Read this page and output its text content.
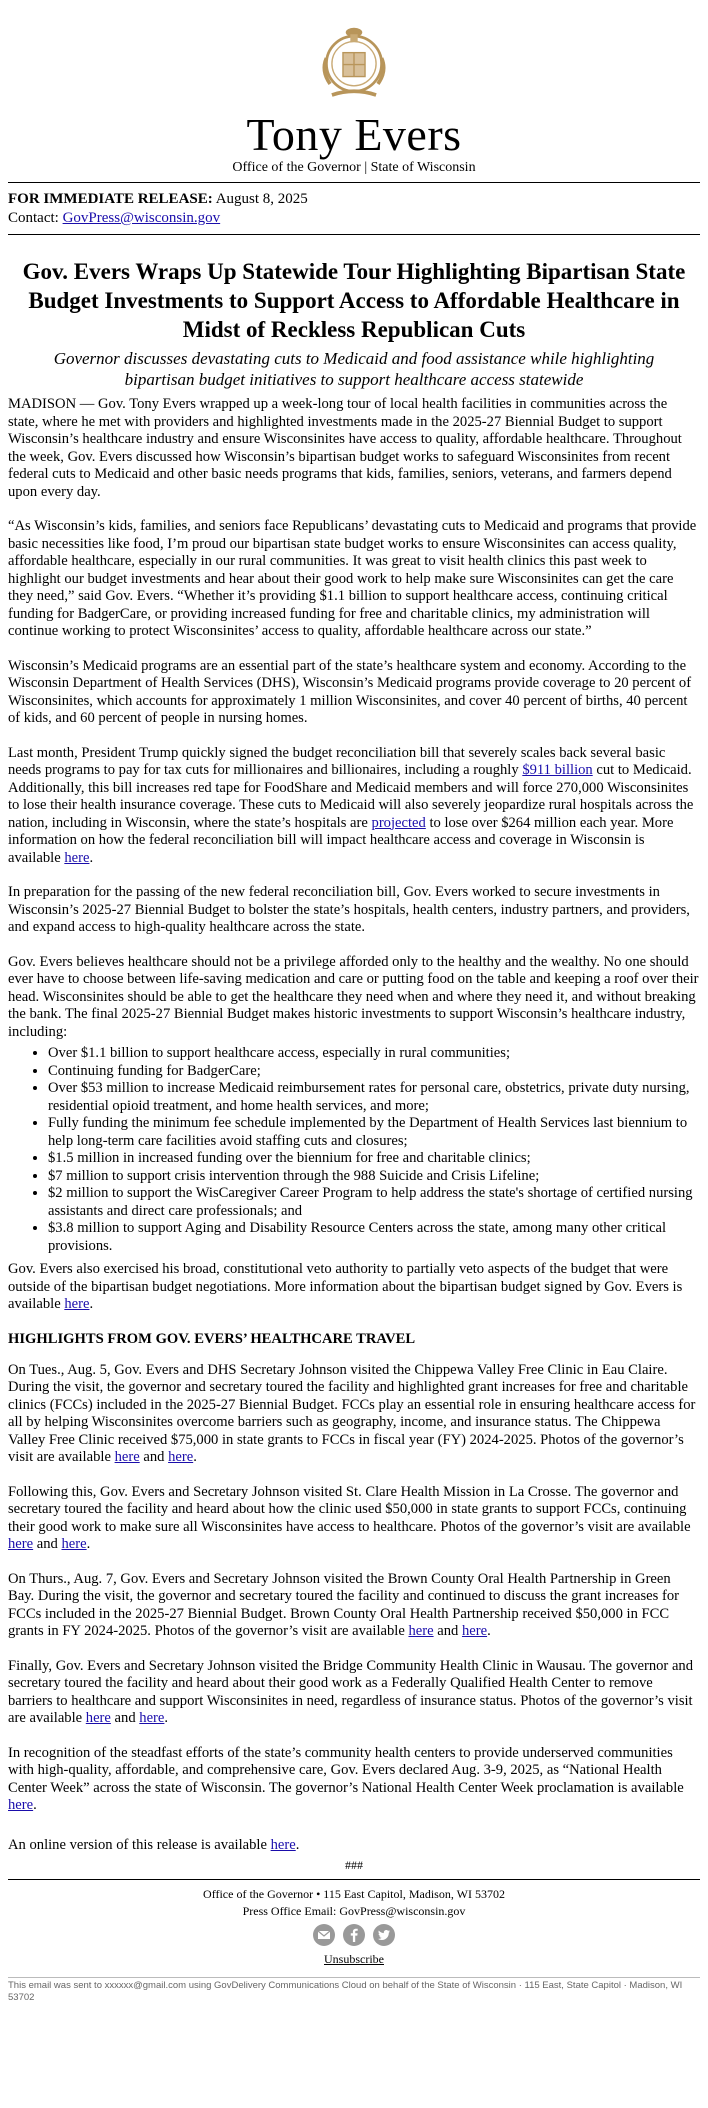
Tony Evers
Office of the Governor | State of Wisconsin
FOR IMMEDIATE RELEASE: August 8, 2025
Contact: GovPress@wisconsin.gov
Gov. Evers Wraps Up Statewide Tour Highlighting Bipartisan State Budget Investments to Support Access to Affordable Healthcare in Midst of Reckless Republican Cuts
Governor discusses devastating cuts to Medicaid and food assistance while highlighting bipartisan budget initiatives to support healthcare access statewide

MADISON — Gov. Tony Evers wrapped up a week-long tour of local health facilities in communities across the state, where he met with providers and highlighted investments made in the 2025-27 Biennial Budget to support Wisconsin’s healthcare industry and ensure Wisconsinites have access to quality, affordable healthcare. Throughout the week, Gov. Evers discussed how Wisconsin’s bipartisan budget works to safeguard Wisconsinites from recent federal cuts to Medicaid and other basic needs programs that kids, families, seniors, veterans, and farmers depend upon every day.

“As Wisconsin’s kids, families, and seniors face Republicans’ devastating cuts to Medicaid and programs that provide basic necessities like food, I’m proud our bipartisan state budget works to ensure Wisconsinites can access quality, affordable healthcare, especially in our rural communities. It was great to visit health clinics this past week to highlight our budget investments and hear about their good work to help make sure Wisconsinites can get the care they need,” said Gov. Evers. “Whether it’s providing $1.1 billion to support healthcare access, continuing critical funding for BadgerCare, or providing increased funding for free and charitable clinics, my administration will continue working to protect Wisconsinites’ access to quality, affordable healthcare across our state.”

Wisconsin’s Medicaid programs are an essential part of the state’s healthcare system and economy. According to the Wisconsin Department of Health Services (DHS), Wisconsin’s Medicaid programs provide coverage to 20 percent of Wisconsinites, which accounts for approximately 1 million Wisconsinites, and cover 40 percent of births, 40 percent of kids, and 60 percent of people in nursing homes.

Last month, President Trump quickly signed the budget reconciliation bill that severely scales back several basic needs programs to pay for tax cuts for millionaires and billionaires, including a roughly $911 billion cut to Medicaid. Additionally, this bill increases red tape for FoodShare and Medicaid members and will force 270,000 Wisconsinites to lose their health insurance coverage. These cuts to Medicaid will also severely jeopardize rural hospitals across the nation, including in Wisconsin, where the state’s hospitals are projected to lose over $264 million each year. More information on how the federal reconciliation bill will impact healthcare access and coverage in Wisconsin is available here.

In preparation for the passing of the new federal reconciliation bill, Gov. Evers worked to secure investments in Wisconsin’s 2025-27 Biennial Budget to bolster the state’s hospitals, health centers, industry partners, and providers, and expand access to high-quality healthcare across the state.

Gov. Evers believes healthcare should not be a privilege afforded only to the healthy and the wealthy. No one should ever have to choose between life-saving medication and care or putting food on the table and keeping a roof over their head. Wisconsinites should be able to get the healthcare they need when and where they need it, and without breaking the bank. The final 2025-27 Biennial Budget makes historic investments to support Wisconsin’s healthcare industry, including:

• Over $1.1 billion to support healthcare access, especially in rural communities;
• Continuing funding for BadgerCare;
• Over $53 million to increase Medicaid reimbursement rates for personal care, obstetrics, private duty nursing, residential opioid treatment, and home health services, and more;
• Fully funding the minimum fee schedule implemented by the Department of Health Services last biennium to help long-term care facilities avoid staffing cuts and closures;
• $1.5 million in increased funding over the biennium for free and charitable clinics;
• $7 million to support crisis intervention through the 988 Suicide and Crisis Lifeline;
• $2 million to support the WisCaregiver Career Program to help address the state's shortage of certified nursing assistants and direct care professionals; and
• $3.8 million to support Aging and Disability Resource Centers across the state, among many other critical provisions.

Gov. Evers also exercised his broad, constitutional veto authority to partially veto aspects of the budget that were outside of the bipartisan budget negotiations. More information about the bipartisan budget signed by Gov. Evers is available here.

HIGHLIGHTS FROM GOV. EVERS’ HEALTHCARE TRAVEL

On Tues., Aug. 5, Gov. Evers and DHS Secretary Johnson visited the Chippewa Valley Free Clinic in Eau Claire. During the visit, the governor and secretary toured the facility and highlighted grant increases for free and charitable clinics (FCCs) included in the 2025-27 Biennial Budget. FCCs play an essential role in ensuring healthcare access for all by helping Wisconsinites overcome barriers such as geography, income, and insurance status. The Chippewa Valley Free Clinic received $75,000 in state grants to FCCs in fiscal year (FY) 2024-2025. Photos of the governor’s visit are available here and here.

Following this, Gov. Evers and Secretary Johnson visited St. Clare Health Mission in La Crosse. The governor and secretary toured the facility and heard about how the clinic used $50,000 in state grants to support FCCs, continuing their good work to make sure all Wisconsinites have access to healthcare. Photos of the governor’s visit are available here and here.

On Thurs., Aug. 7, Gov. Evers and Secretary Johnson visited the Brown County Oral Health Partnership in Green Bay. During the visit, the governor and secretary toured the facility and continued to discuss the grant increases for FCCs included in the 2025-27 Biennial Budget. Brown County Oral Health Partnership received $50,000 in FCC grants in FY 2024-2025. Photos of the governor’s visit are available here and here.

Finally, Gov. Evers and Secretary Johnson visited the Bridge Community Health Clinic in Wausau. The governor and secretary toured the facility and heard about their good work as a Federally Qualified Health Center to remove barriers to healthcare and support Wisconsinites in need, regardless of insurance status. Photos of the governor’s visit are available here and here.

In recognition of the steadfast efforts of the state’s community health centers to provide underserved communities with high-quality, affordable, and comprehensive care, Gov. Evers declared Aug. 3-9, 2025, as “National Health Center Week” across the state of Wisconsin. The governor’s National Health Center Week proclamation is available here.

An online version of this release is available here.

###
Office of the Governor • 115 East Capitol, Madison, WI 53702
Press Office Email: GovPress@wisconsin.gov

Unsubscribe
This email was sent to xxxxxx@gmail.com using GovDelivery Communications Cloud on behalf of the State of Wisconsin · 115 East, State Capitol · Madison, WI 53702
